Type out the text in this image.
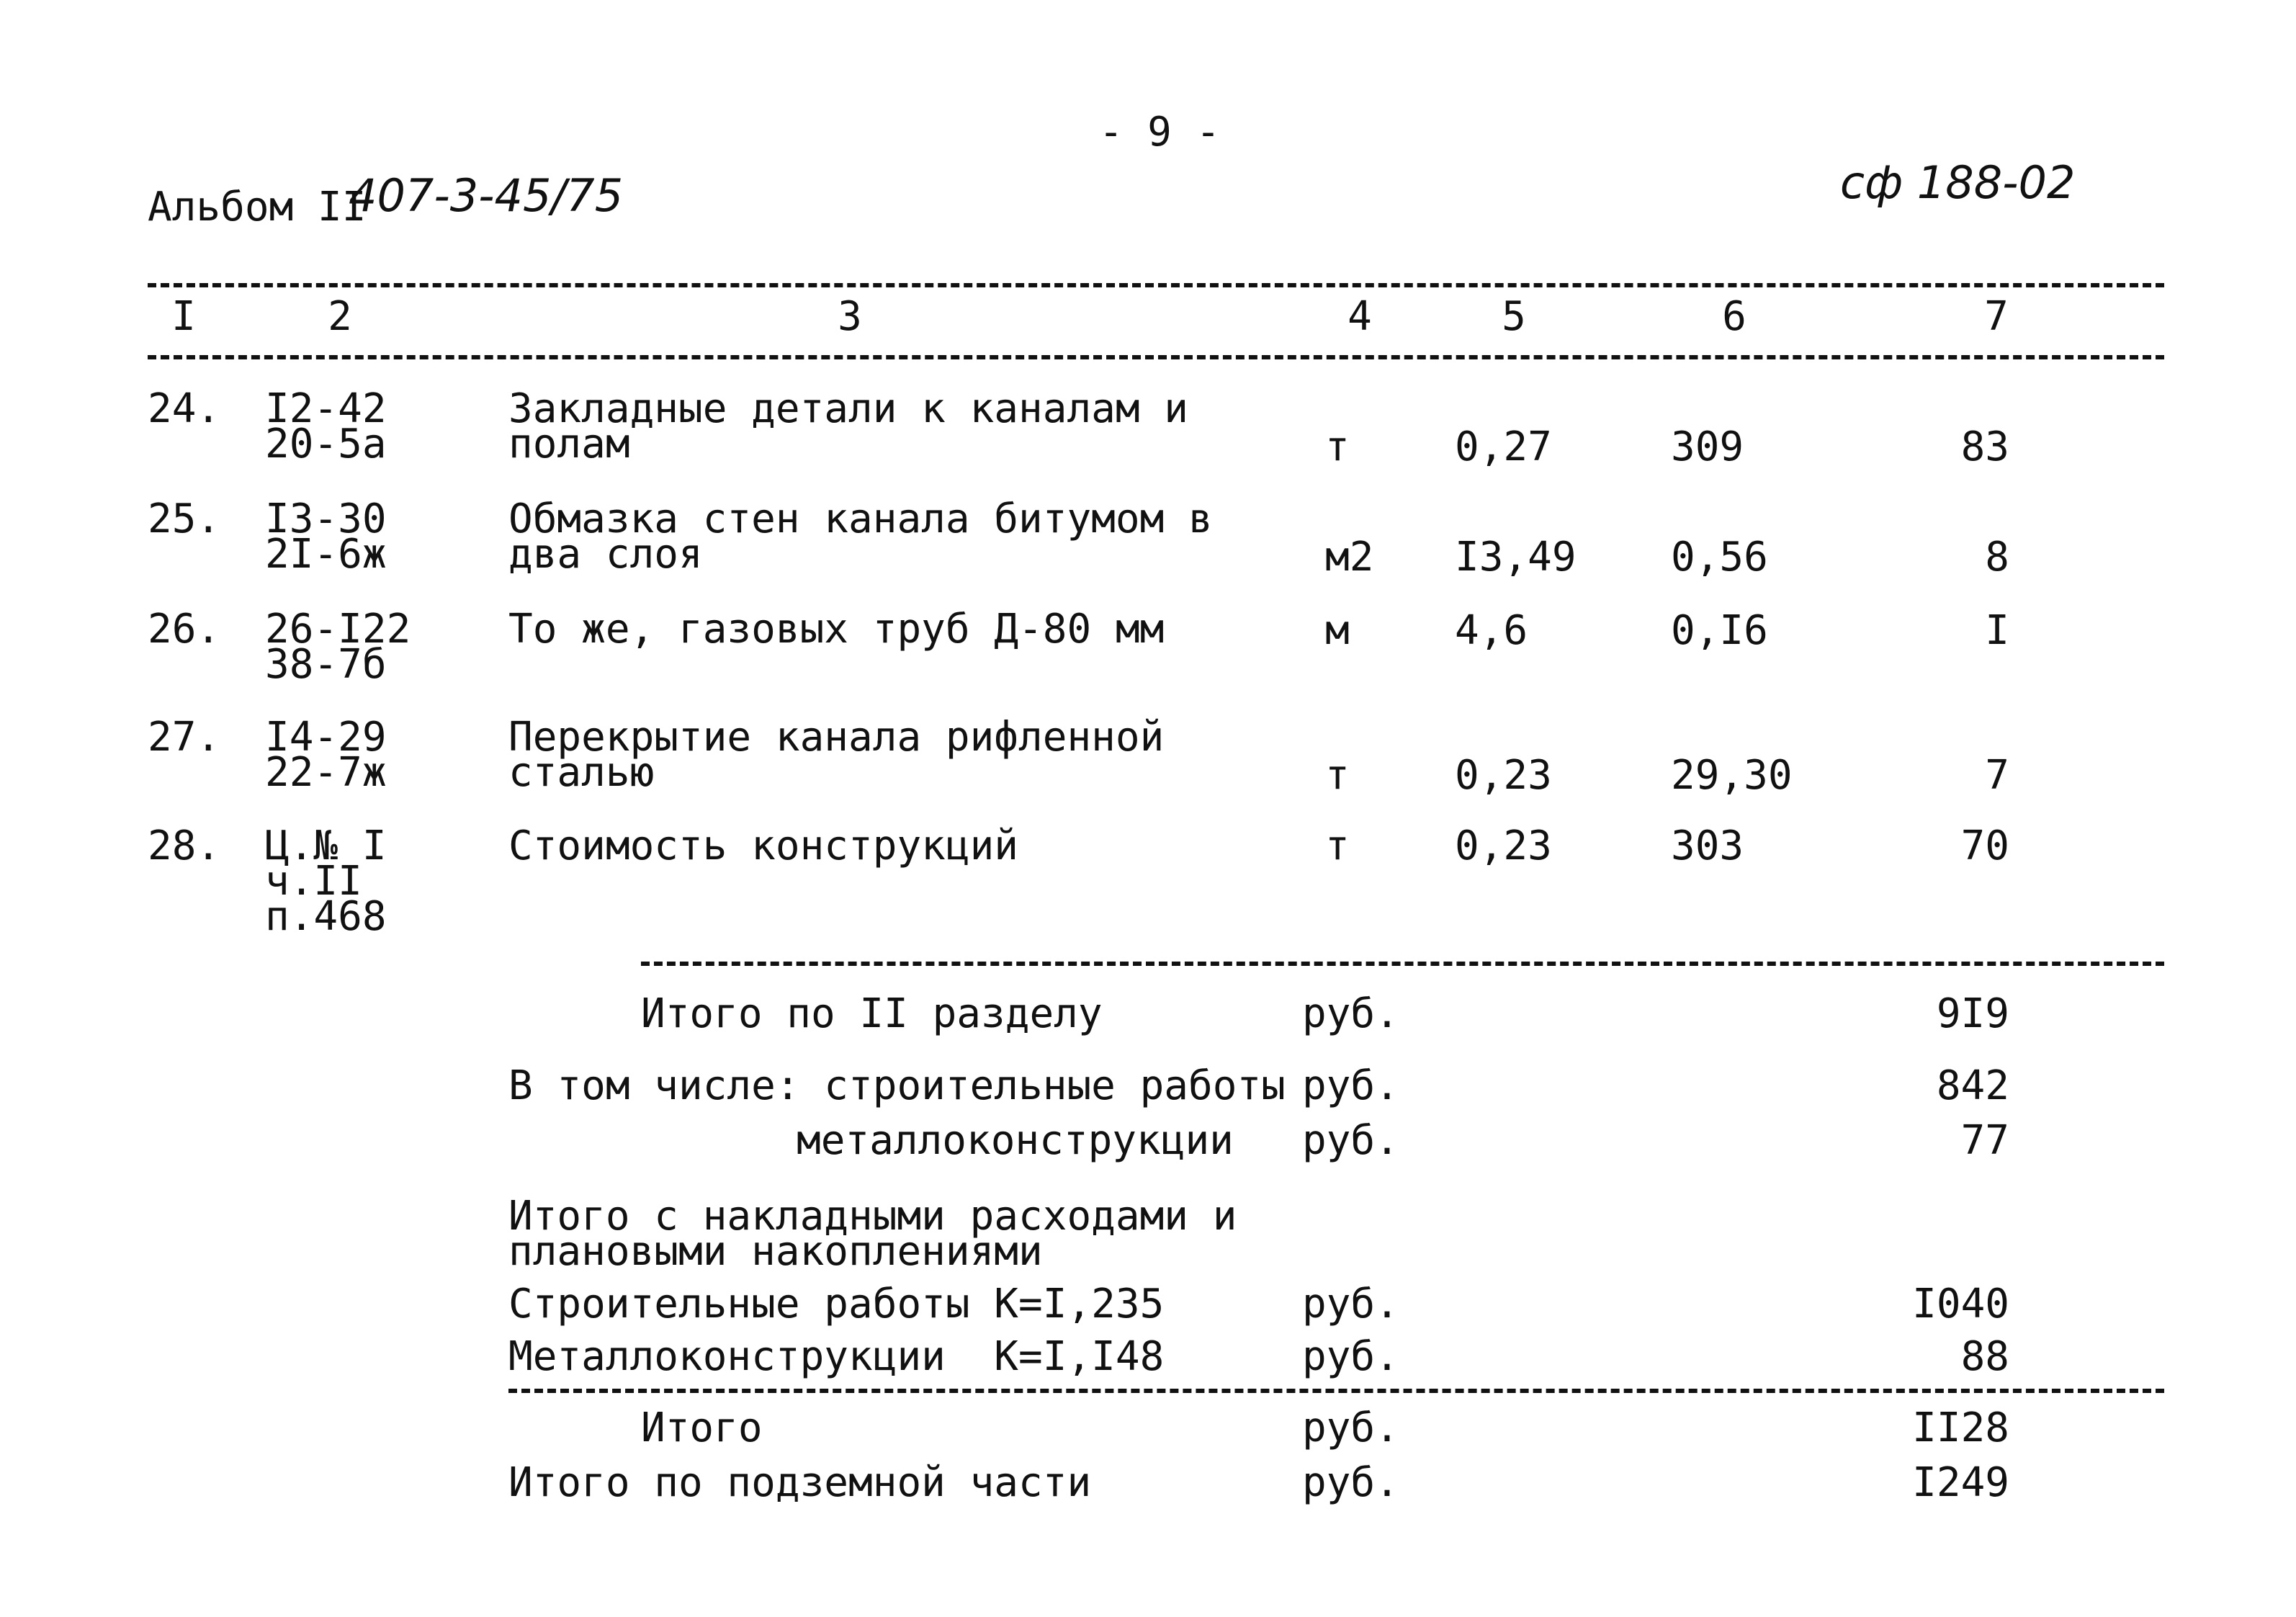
- 9 -
Альбом II
407-3-45/75	сф 188-02
I	2	3	4	5	6	7
24. I2-42
20-5а
Закладные детали к каналам и
полам	т	0,27	309	83
25. I3-30
2I-6ж
Обмазка стен канала битумом в
два слоя	м2 I3,49 0,56	8
26. 26-I22
38-7б
То же, газовых труб Д-80 мм	м	4,6	0,I6	I
27. I4-29
22-7ж
Перекрытие канала рифленной
сталью	т	0,23	29,30	7
28. Ц.№ I
ч.II
п.468
Стоимость конструкций	т	0,23	303	70
Итого по II разделу	руб.	9I9
В том числе: строительные работы руб.	842
металлоконструкции руб.	77
Итого с накладными расходами и
плановыми накоплениями
Строительные работы К=I,235	руб.	I040
Металлоконструкции  К=I,I48	руб.	88
Итого	руб.	II28
Итого по подземной части	руб.	I249
